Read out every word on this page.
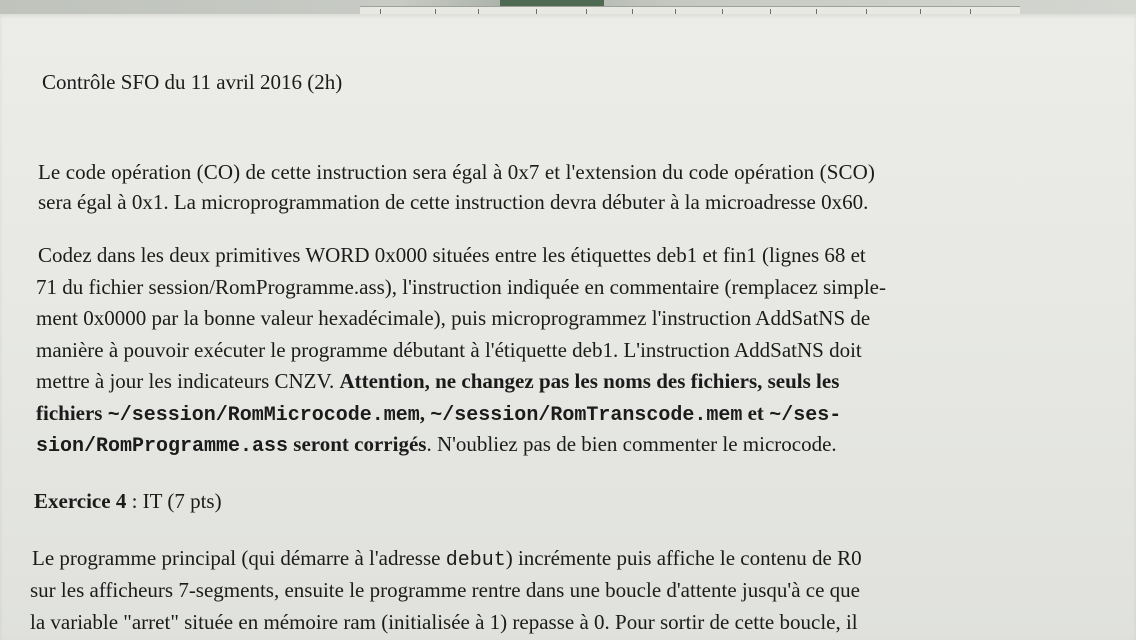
Contrôle SFO du 11 avril 2016 (2h)
Le code opération (CO) de cette instruction sera égal à 0x7 et l'extension du code opération (SCO)
sera égal à 0x1. La microprogrammation de cette instruction devra débuter à la microadresse 0x60.
Codez dans les deux primitives WORD 0x000 situées entre les étiquettes deb1 et fin1 (lignes 68 et
71 du fichier session/RomProgramme.ass), l'instruction indiquée en commentaire (remplacez simple-
ment 0x0000 par la bonne valeur hexadécimale), puis microprogrammez l'instruction AddSatNS de
manière à pouvoir exécuter le programme débutant à l'étiquette deb1. L'instruction AddSatNS doit
mettre à jour les indicateurs CNZV. Attention, ne changez pas les noms des fichiers, seuls les
fichiers ~/session/RomMicrocode.mem, ~/session/RomTranscode.mem et ~/ses-
sion/RomProgramme.ass seront corrigés. N'oubliez pas de bien commenter le microcode.
Exercice 4 : IT (7 pts)
Le programme principal (qui démarre à l'adresse debut) incrémente puis affiche le contenu de R0
sur les afficheurs 7-segments, ensuite le programme rentre dans une boucle d'attente jusqu'à ce que
la variable "arret" située en mémoire ram (initialisée à 1) repasse à 0. Pour sortir de cette boucle, il
